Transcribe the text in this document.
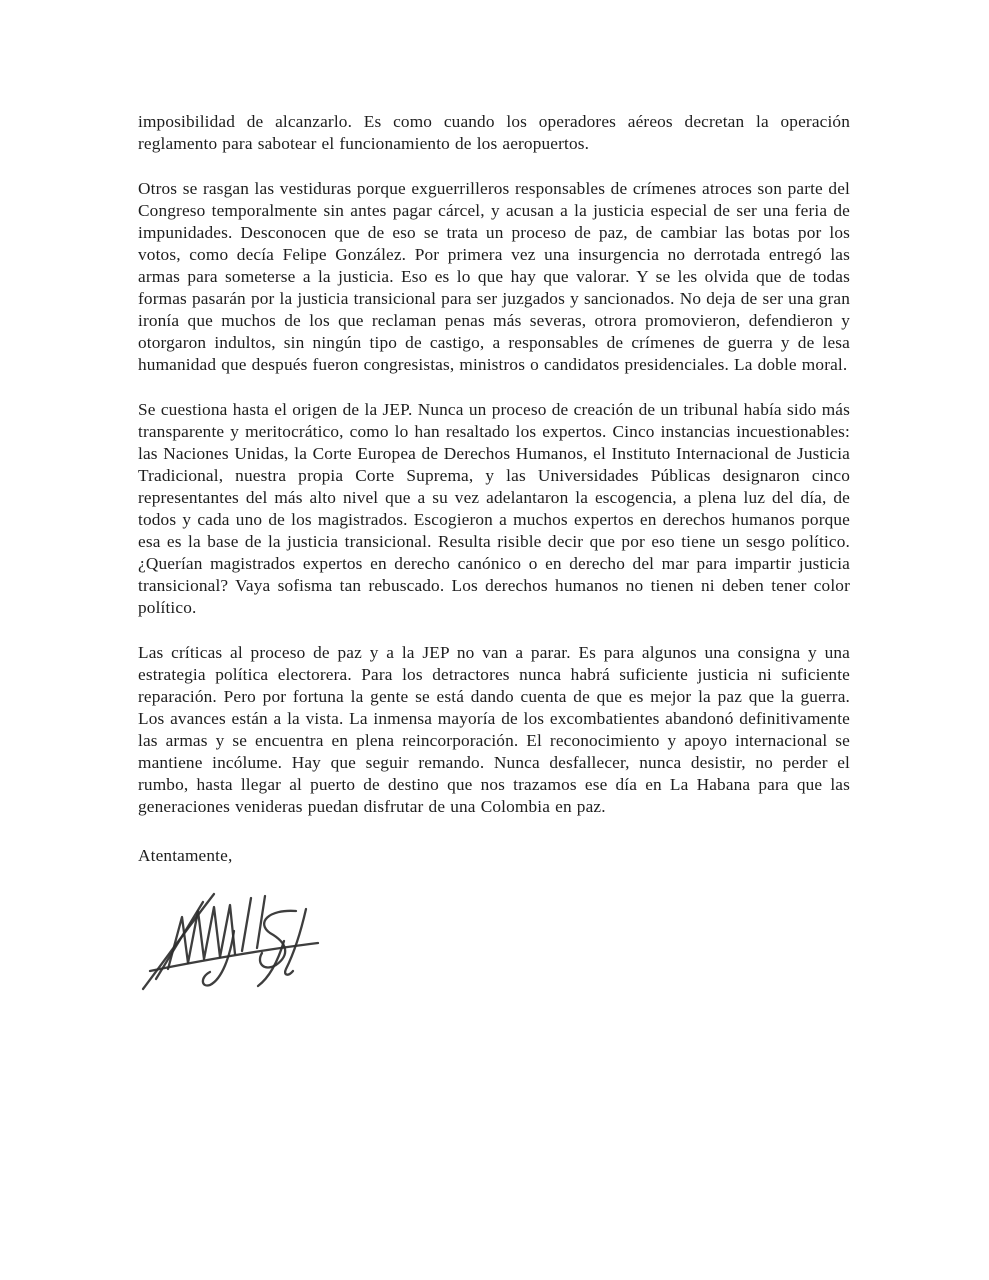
imposibilidad de alcanzarlo. Es como cuando los operadores aéreos decretan la operación reglamento para sabotear el funcionamiento de los aeropuertos.

Otros se rasgan las vestiduras porque exguerrilleros responsables de crímenes atroces son parte del Congreso temporalmente sin antes pagar cárcel, y acusan a la justicia especial de ser una feria de impunidades. Desconocen que de eso se trata un proceso de paz, de cambiar las botas por los votos, como decía Felipe González. Por primera vez una insurgencia no derrotada entregó las armas para someterse a la justicia. Eso es lo que hay que valorar. Y se les olvida que de todas formas pasarán por la justicia transicional para ser juzgados y sancionados. No deja de ser una gran ironía que muchos de los que reclaman penas más severas, otrora promovieron, defendieron y otorgaron indultos, sin ningún tipo de castigo, a responsables de crímenes de guerra y de lesa humanidad que después fueron congresistas, ministros o candidatos presidenciales. La doble moral.

Se cuestiona hasta el origen de la JEP. Nunca un proceso de creación de un tribunal había sido más transparente y meritocrático, como lo han resaltado los expertos. Cinco instancias incuestionables: las Naciones Unidas, la Corte Europea de Derechos Humanos, el Instituto Internacional de Justicia Tradicional, nuestra propia Corte Suprema, y las Universidades Públicas designaron cinco representantes del más alto nivel que a su vez adelantaron la escogencia, a plena luz del día, de todos y cada uno de los magistrados. Escogieron a muchos expertos en derechos humanos porque esa es la base de la justicia transicional. Resulta risible decir que por eso tiene un sesgo político. ¿Querían magistrados expertos en derecho canónico o en derecho del mar para impartir justicia transicional? Vaya sofisma tan rebuscado. Los derechos humanos no tienen ni deben tener color político.

Las críticas al proceso de paz y a la JEP no van a parar. Es para algunos una consigna y una estrategia política electorera. Para los detractores nunca habrá suficiente justicia ni suficiente reparación. Pero por fortuna la gente se está dando cuenta de que es mejor la paz que la guerra. Los avances están a la vista. La inmensa mayoría de los excombatientes abandonó definitivamente las armas y se encuentra en plena reincorporación. El reconocimiento y apoyo internacional se mantiene incólume. Hay que seguir remando. Nunca desfallecer, nunca desistir, no perder el rumbo, hasta llegar al puerto de destino que nos trazamos ese día en La Habana para que las generaciones venideras puedan disfrutar de una Colombia en paz.

Atentamente,
